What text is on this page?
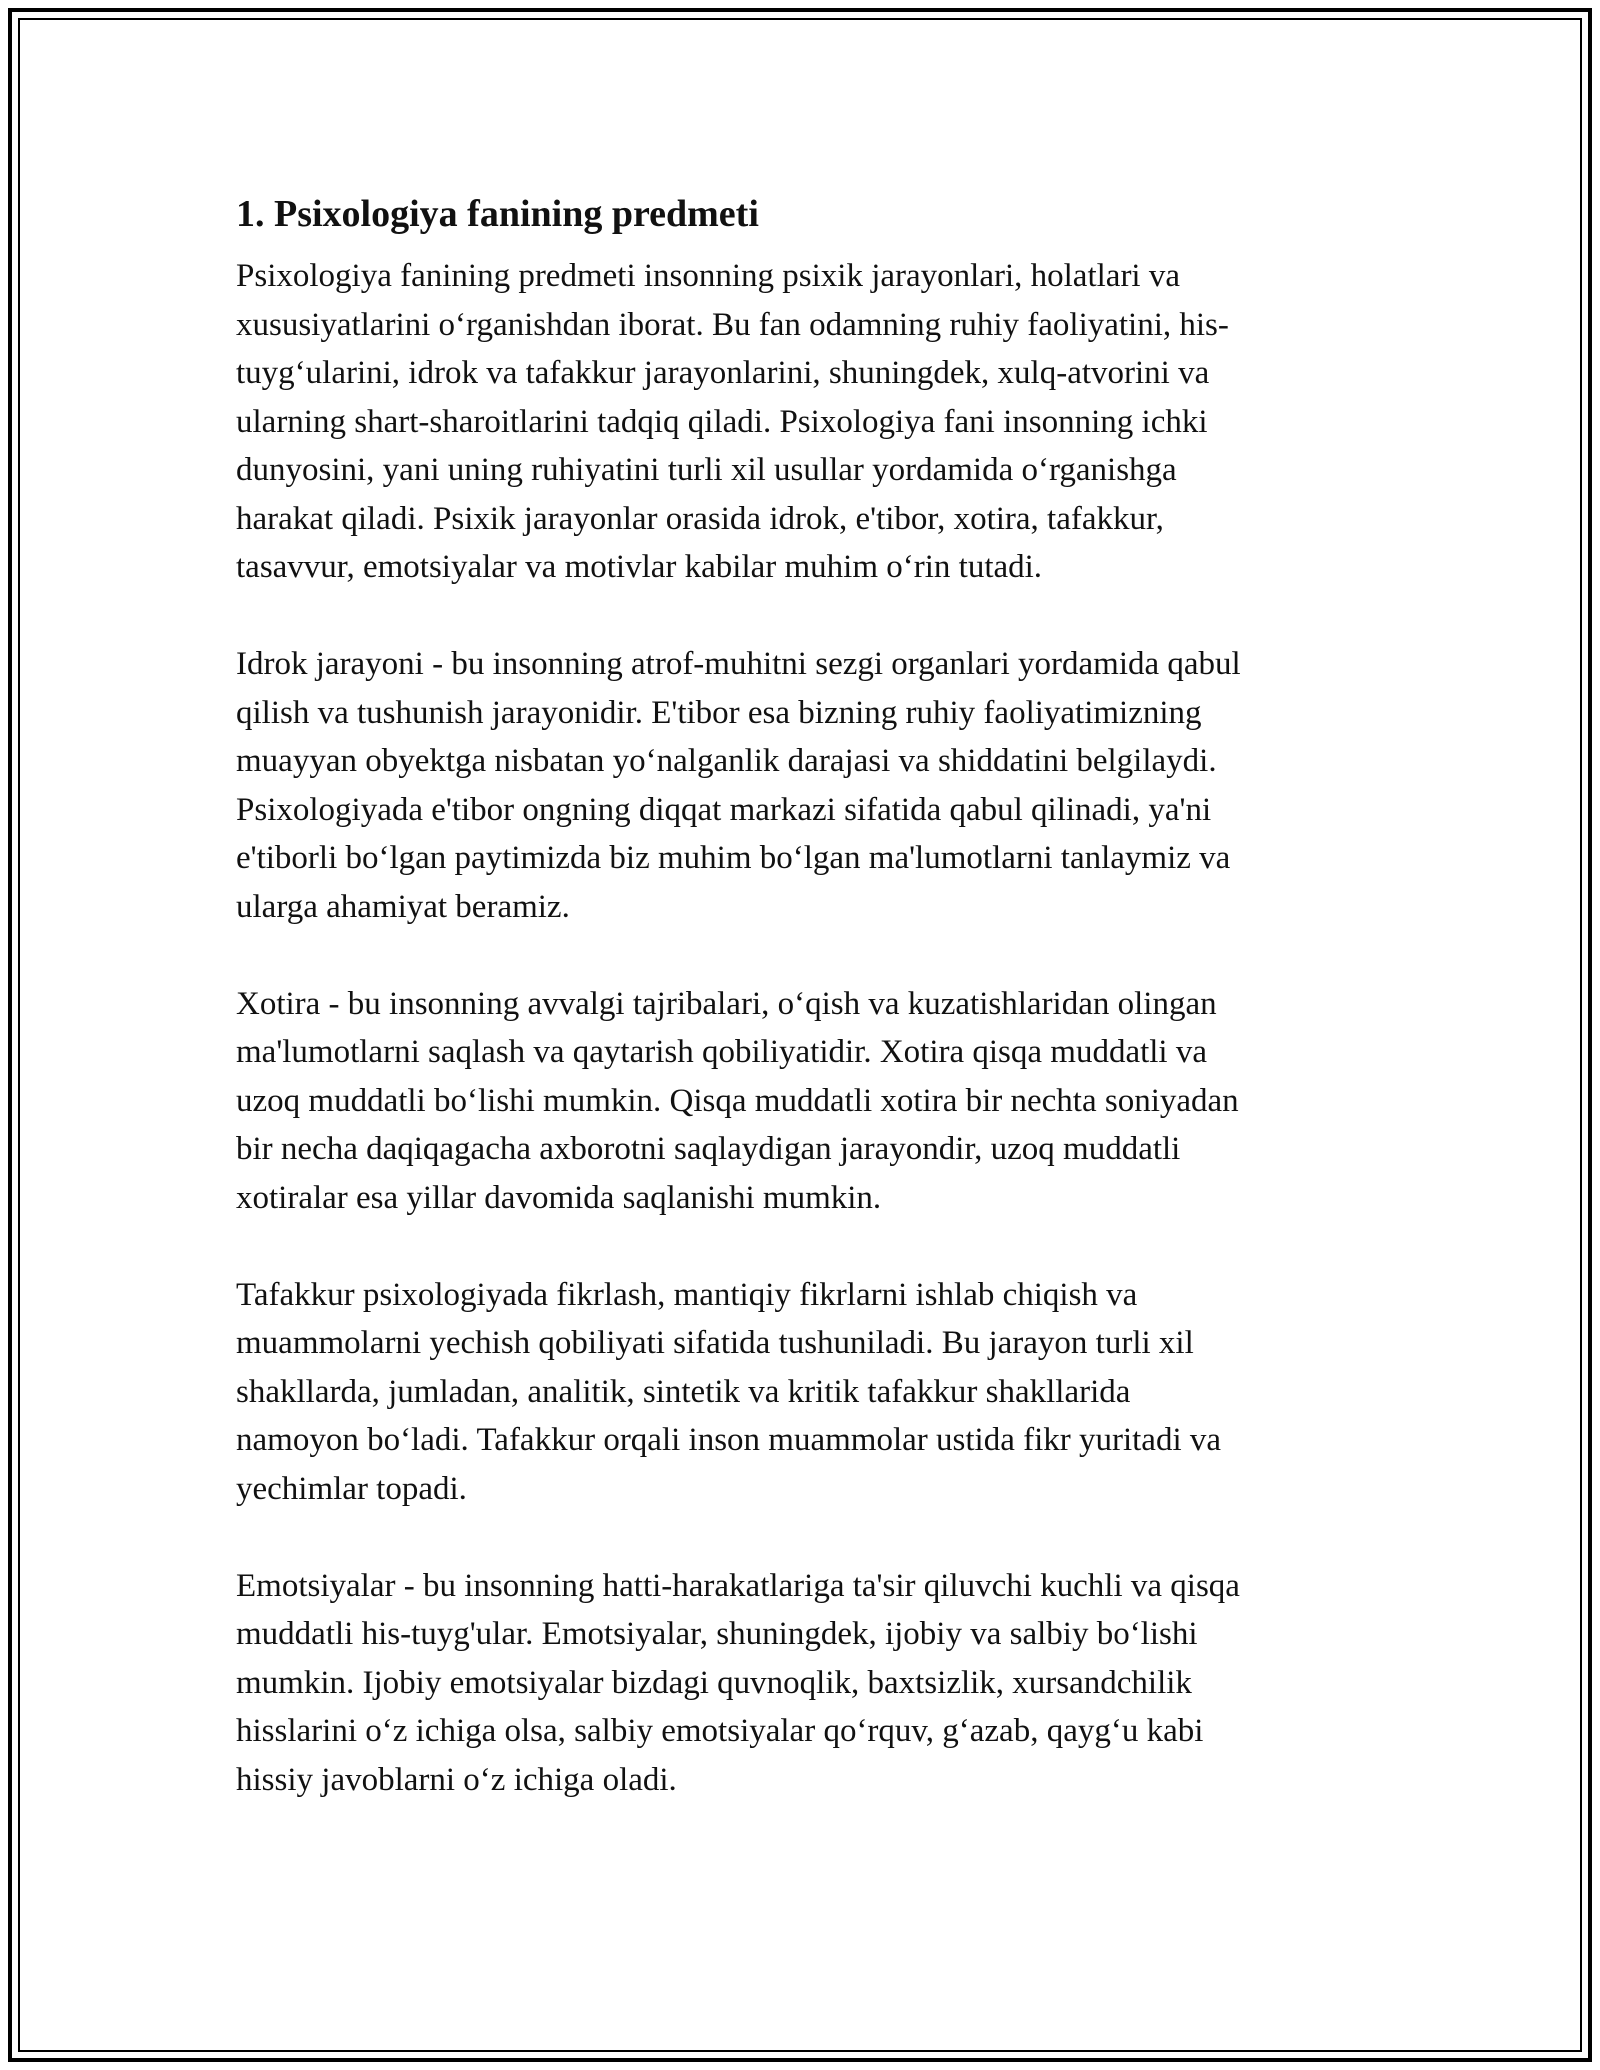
1. Psixologiya fanining predmeti

Psixologiya fanining predmeti insonning psixik jarayonlari, holatlari va
xususiyatlarini o‘rganishdan iborat. Bu fan odamning ruhiy faoliyatini, his-
tuyg‘ularini, idrok va tafakkur jarayonlarini, shuningdek, xulq-atvorini va
ularning shart-sharoitlarini tadqiq qiladi. Psixologiya fani insonning ichki
dunyosini, yani uning ruhiyatini turli xil usullar yordamida o‘rganishga
harakat qiladi. Psixik jarayonlar orasida idrok, e'tibor, xotira, tafakkur,
tasavvur, emotsiyalar va motivlar kabilar muhim o‘rin tutadi.

Idrok jarayoni - bu insonning atrof-muhitni sezgi organlari yordamida qabul
qilish va tushunish jarayonidir. E'tibor esa bizning ruhiy faoliyatimizning
muayyan obyektga nisbatan yo‘nalganlik darajasi va shiddatini belgilaydi.
Psixologiyada e'tibor ongning diqqat markazi sifatida qabul qilinadi, ya'ni
e'tiborli bo‘lgan paytimizda biz muhim bo‘lgan ma'lumotlarni tanlaymiz va
ularga ahamiyat beramiz.

Xotira - bu insonning avvalgi tajribalari, o‘qish va kuzatishlaridan olingan
ma'lumotlarni saqlash va qaytarish qobiliyatidir. Xotira qisqa muddatli va
uzoq muddatli bo‘lishi mumkin. Qisqa muddatli xotira bir nechta soniyadan
bir necha daqiqagacha axborotni saqlaydigan jarayondir, uzoq muddatli
xotiralar esa yillar davomida saqlanishi mumkin.

Tafakkur psixologiyada fikrlash, mantiqiy fikrlarni ishlab chiqish va
muammolarni yechish qobiliyati sifatida tushuniladi. Bu jarayon turli xil
shakllarda, jumladan, analitik, sintetik va kritik tafakkur shakllarida
namoyon bo‘ladi. Tafakkur orqali inson muammolar ustida fikr yuritadi va
yechimlar topadi.

Emotsiyalar - bu insonning hatti-harakatlariga ta'sir qiluvchi kuchli va qisqa
muddatli his-tuyg'ular. Emotsiyalar, shuningdek, ijobiy va salbiy bo‘lishi
mumkin. Ijobiy emotsiyalar bizdagi quvnoqlik, baxtsizlik, xursandchilik
hisslarini o‘z ichiga olsa, salbiy emotsiyalar qo‘rquv, g‘azab, qayg‘u kabi
hissiy javoblarni o‘z ichiga oladi.
